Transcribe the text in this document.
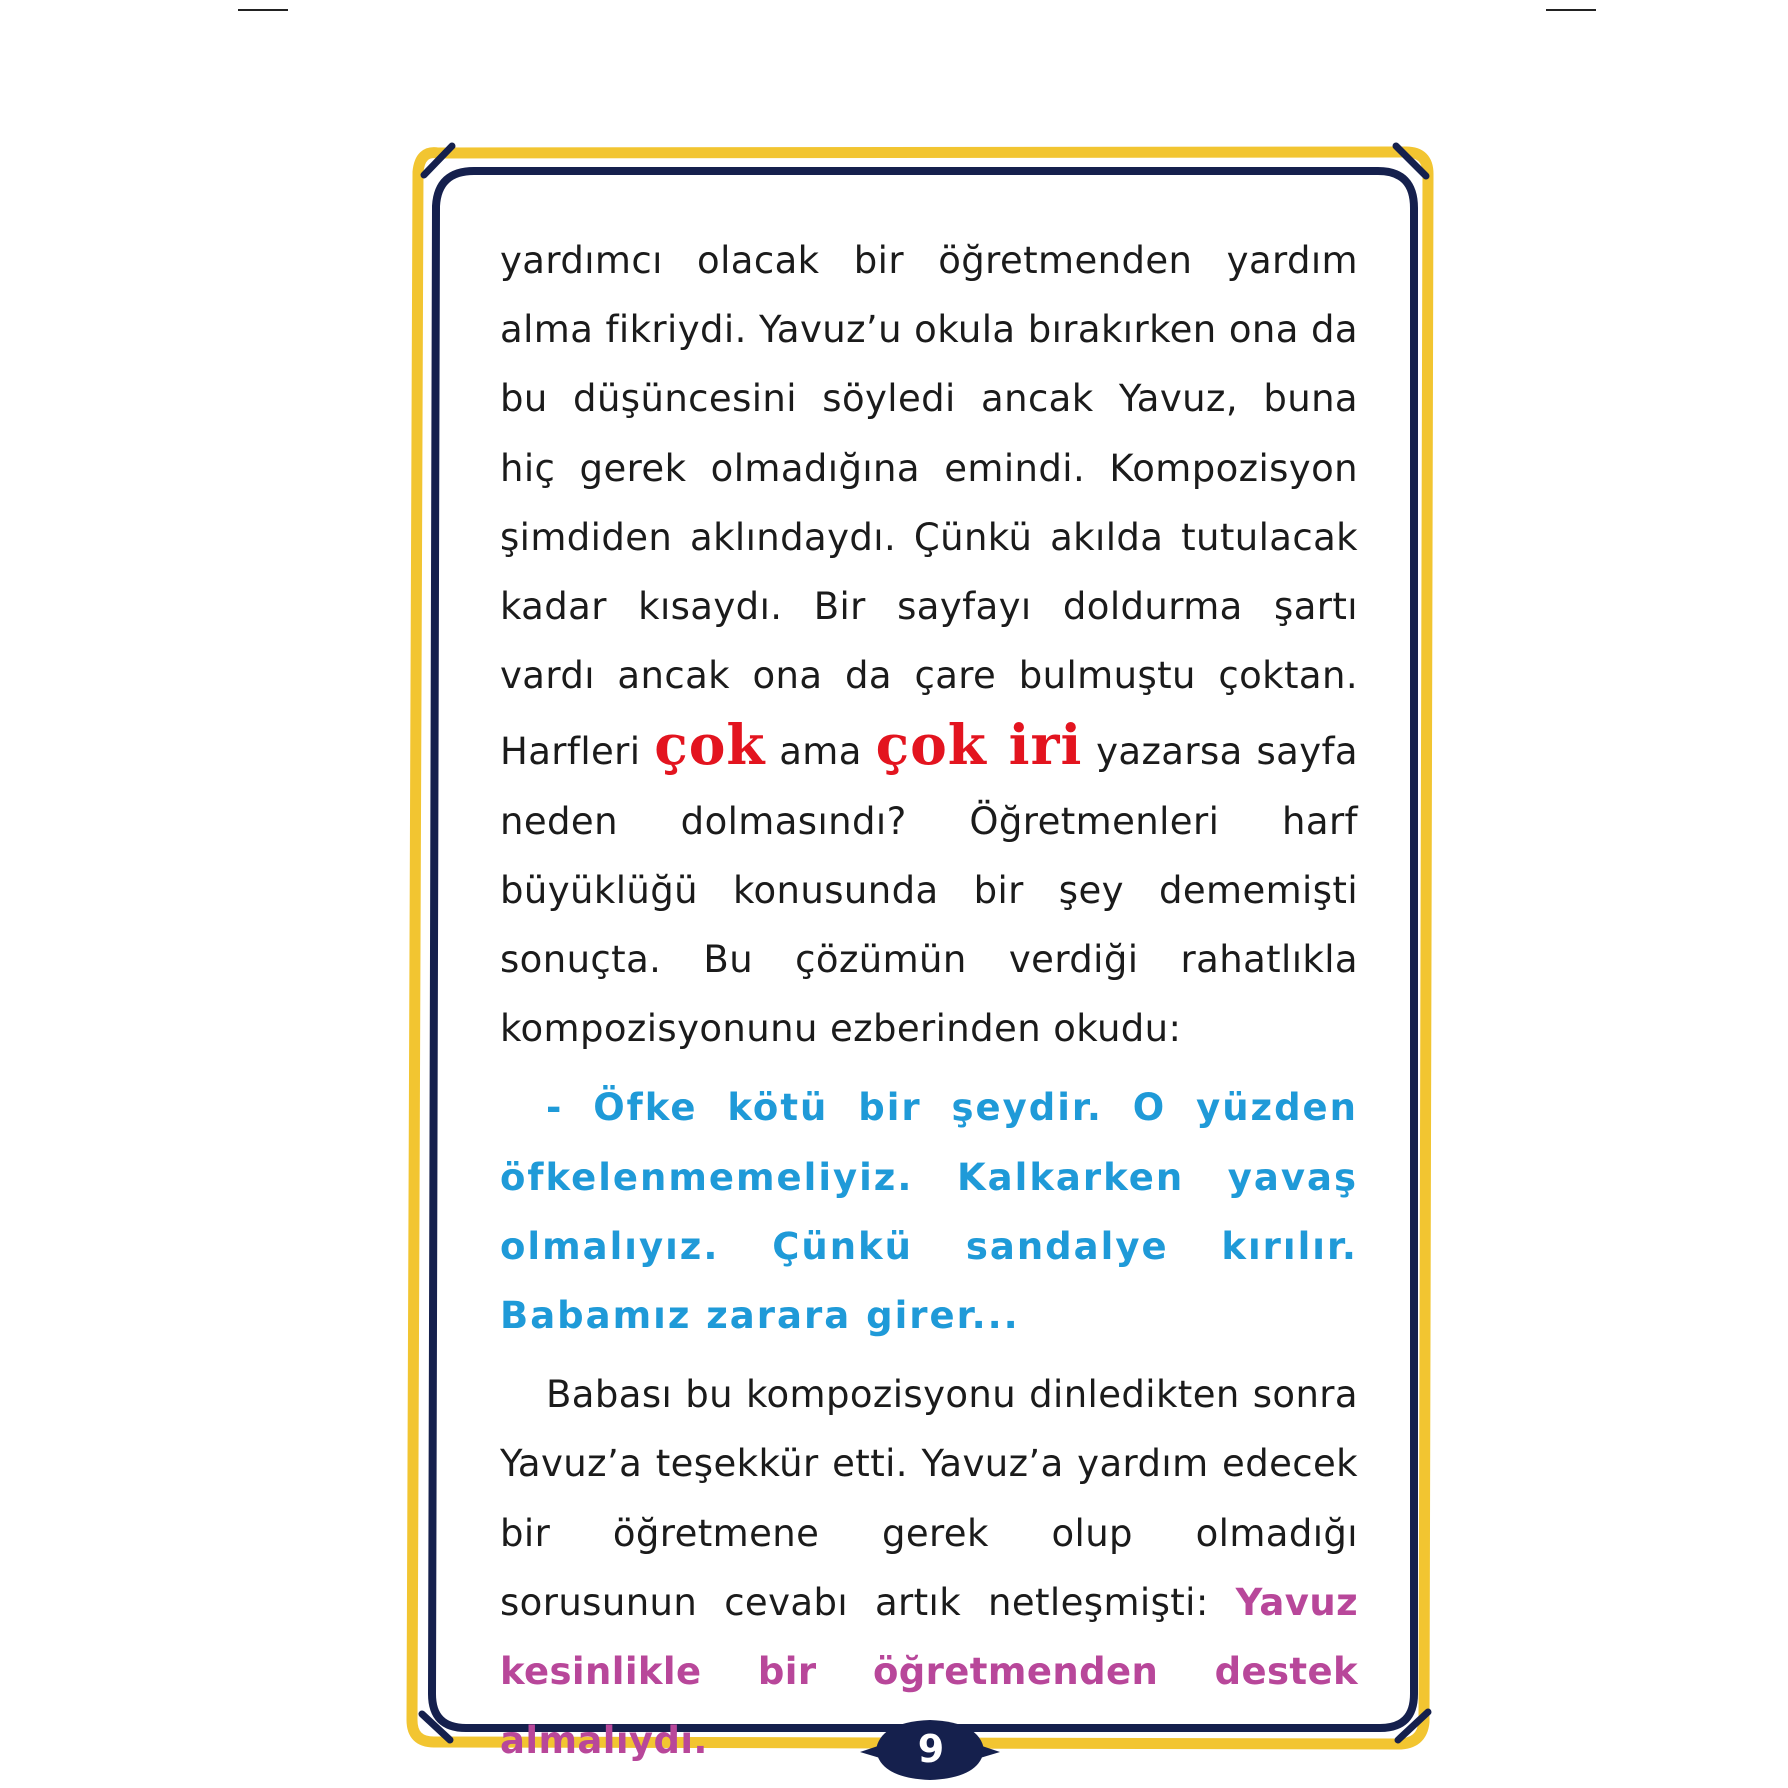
yardımcı olacak bir öğretmenden yardım alma fikriydi. Yavuz’u okula bırakırken ona da bu düşüncesini söyledi ancak Yavuz, buna hiç gerek olmadığına emindi. Kompozisyon şimdiden aklındaydı. Çünkü akılda tutulacak kadar kısaydı. Bir sayfayı doldurma şartı vardı ancak ona da çare bulmuştu çoktan. Harfleri çok ama çok iri yazarsa sayfa neden dolmasındı? Öğretmenleri harf büyüklüğü konusunda bir şey dememişti sonuçta. Bu çözümün verdiği rahatlıkla kompozisyonunu ezberinden okudu:

- Öfke kötü bir şeydir. O yüzden öfkelenmemeliyiz. Kalkarken yavaş olmalıyız. Çünkü sandalye kırılır. Babamız zarara girer...

Babası bu kompozisyonu dinledikten sonra Yavuz’a teşekkür etti. Yavuz’a yardım edecek bir öğretmene gerek olup olmadığı sorusunun cevabı artık netleşmişti: Yavuz kesinlikle bir öğretmenden destek almalıydı.	9
